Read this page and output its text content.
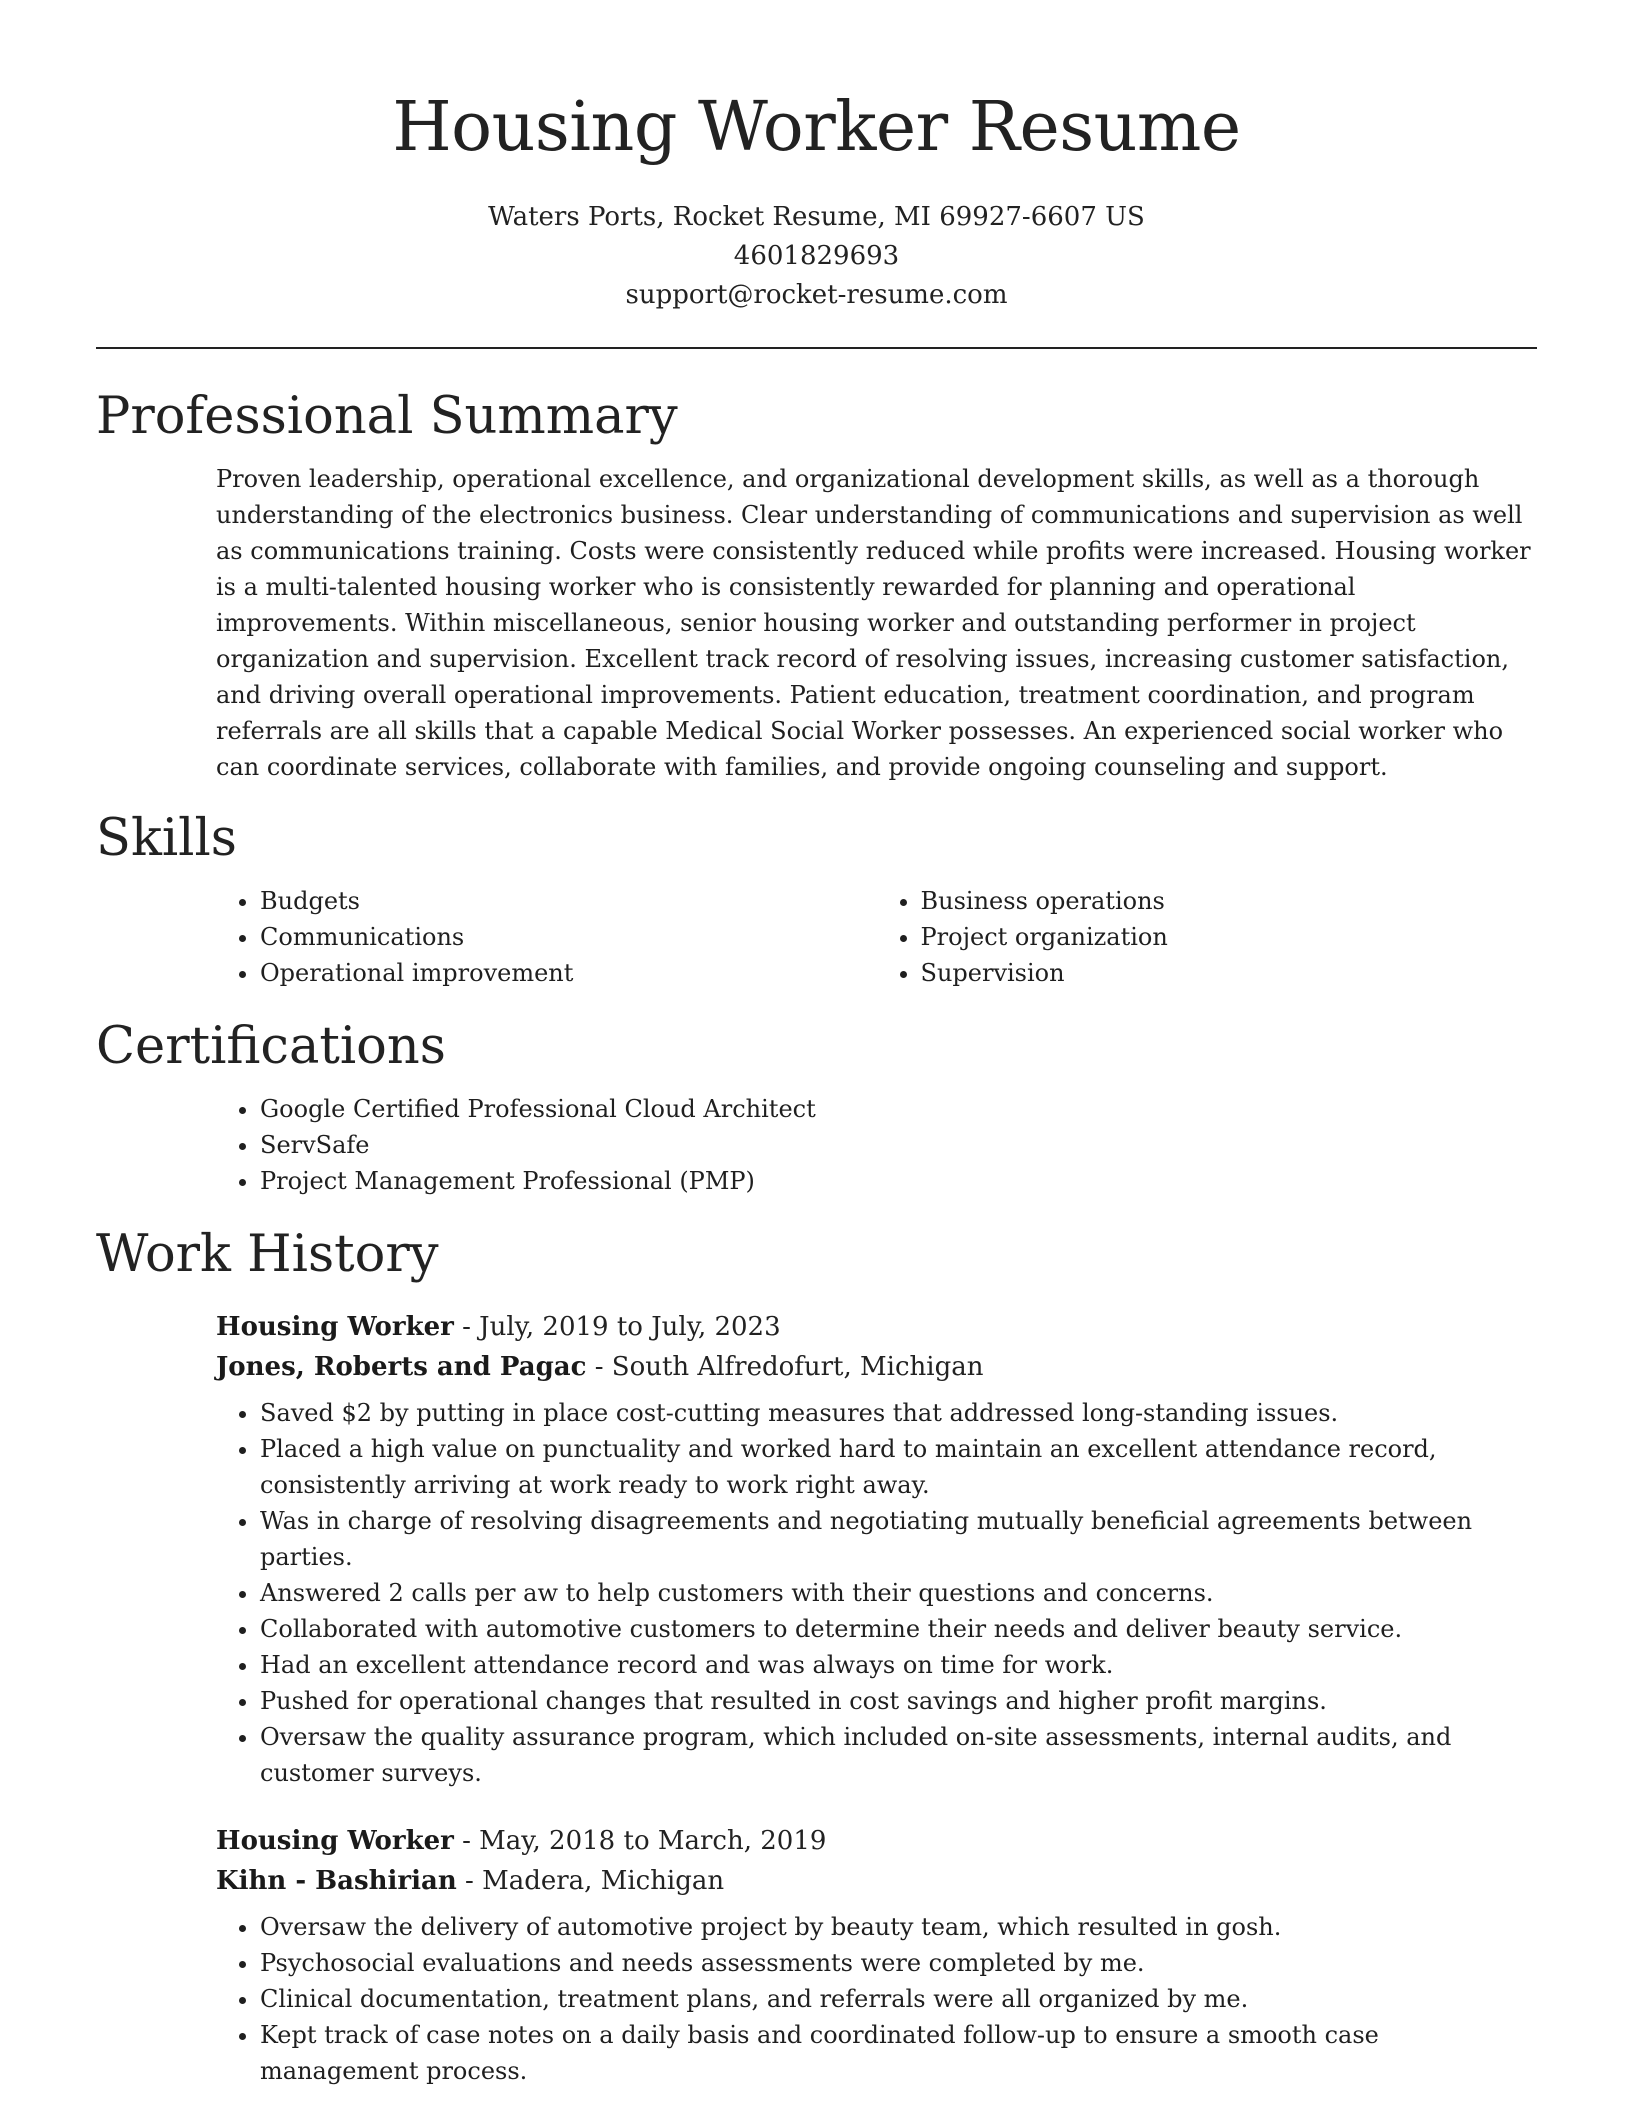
Housing Worker Resume
Waters Ports, Rocket Resume, MI 69927-6607 US
4601829693
support@rocket-resume.com
Professional Summary

Proven leadership, operational excellence, and organizational development skills, as well as a thorough understanding of the electronics business. Clear understanding of communications and supervision as well as communications training. Costs were consistently reduced while profits were increased. Housing worker is a multi-talented housing worker who is consistently rewarded for planning and operational improvements. Within miscellaneous, senior housing worker and outstanding performer in project organization and supervision. Excellent track record of resolving issues, increasing customer satisfaction, and driving overall operational improvements. Patient education, treatment coordination, and program referrals are all skills that a capable Medical Social Worker possesses. An experienced social worker who can coordinate services, collaborate with families, and provide ongoing counseling and support.

Skills
• Budgets
• Communications
• Operational improvement
• Business operations
• Project organization
• Supervision
Certifications
• Google Certified Professional Cloud Architect
• ServSafe
• Project Management Professional (PMP)
Work History
Housing Worker - July, 2019 to July, 2023
Jones, Roberts and Pagac - South Alfredofurt, Michigan
• Saved $2 by putting in place cost-cutting measures that addressed long-standing issues.
• Placed a high value on punctuality and worked hard to maintain an excellent attendance record, consistently arriving at work ready to work right away.
• Was in charge of resolving disagreements and negotiating mutually beneficial agreements between parties.
• Answered 2 calls per aw to help customers with their questions and concerns.
• Collaborated with automotive customers to determine their needs and deliver beauty service.
• Had an excellent attendance record and was always on time for work.
• Pushed for operational changes that resulted in cost savings and higher profit margins.
• Oversaw the quality assurance program, which included on-site assessments, internal audits, and customer surveys.
Housing Worker - May, 2018 to March, 2019
Kihn - Bashirian - Madera, Michigan
• Oversaw the delivery of automotive project by beauty team, which resulted in gosh.
• Psychosocial evaluations and needs assessments were completed by me.
• Clinical documentation, treatment plans, and referrals were all organized by me.
• Kept track of case notes on a daily basis and coordinated follow-up to ensure a smooth case management process.
